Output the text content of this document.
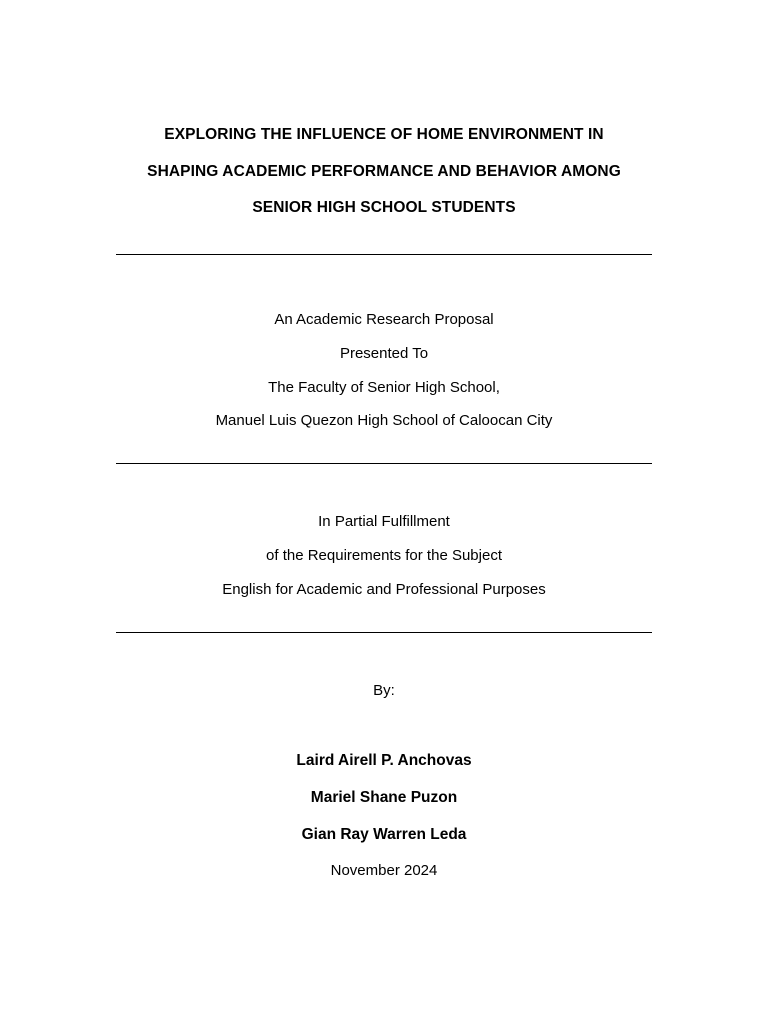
EXPLORING THE INFLUENCE OF HOME ENVIRONMENT IN
SHAPING ACADEMIC PERFORMANCE AND BEHAVIOR AMONG
SENIOR HIGH SCHOOL STUDENTS
An Academic Research Proposal
Presented To
The Faculty of Senior High School,
Manuel Luis Quezon High School of Caloocan City
In Partial Fulfillment
of the Requirements for the Subject
English for Academic and Professional Purposes
By:
Laird Airell P. Anchovas
Mariel Shane Puzon
Gian Ray Warren Leda
November 2024
